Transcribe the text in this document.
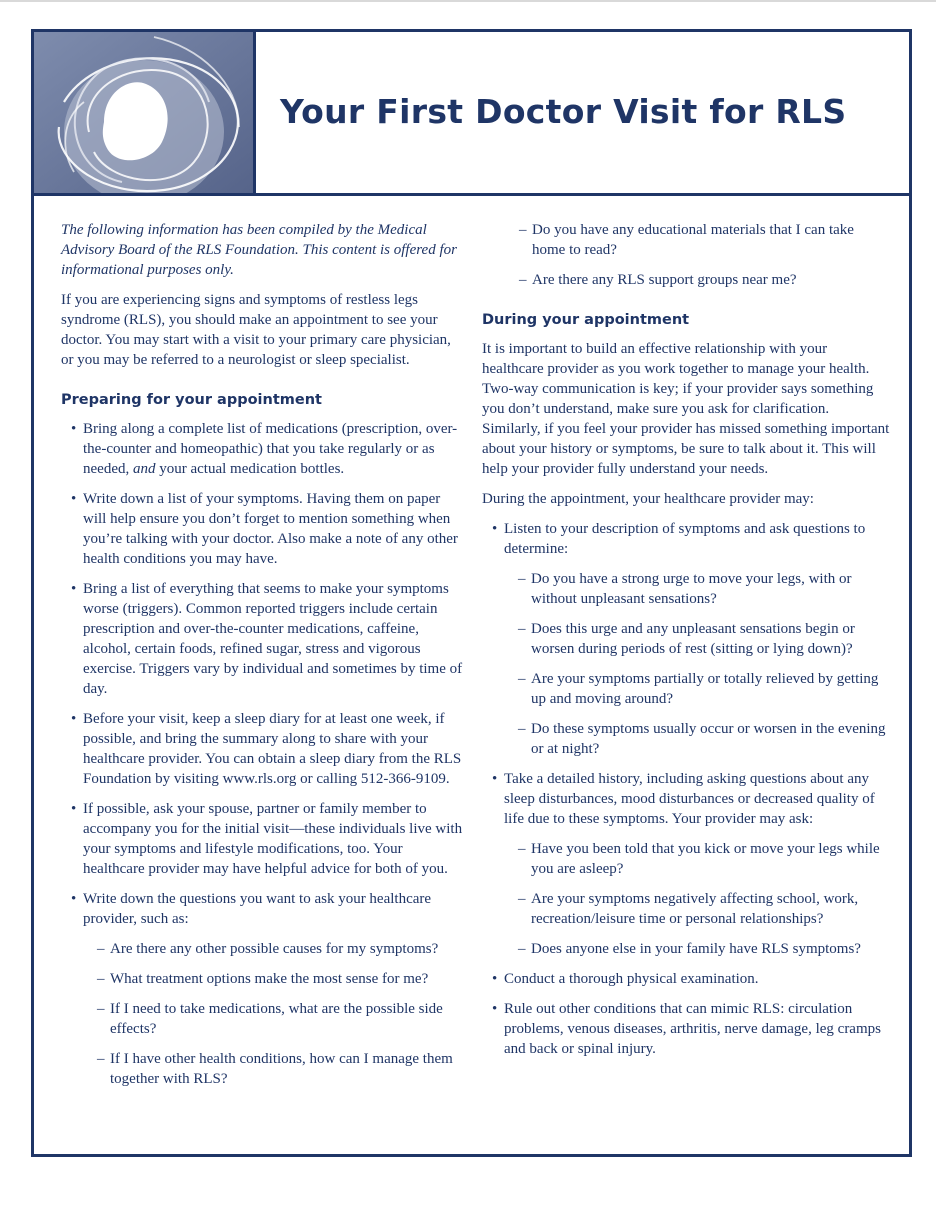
Your First Doctor Visit for RLS

The following information has been compiled by the Medical Advisory Board of the RLS Foundation. This content is offered for informational purposes only.

If you are experiencing signs and symptoms of restless legs syndrome (RLS), you should make an appointment to see your doctor. You may start with a visit to your primary care physician, or you may be referred to a neurologist or sleep specialist.

Preparing for your appointment
• Bring along a complete list of medications (prescription, over-the-counter and homeopathic) that you take regularly or as needed, and your actual medication bottles.
• Write down a list of your symptoms. Having them on paper will help ensure you don’t forget to mention something when you’re talking with your doctor. Also make a note of any other health conditions you may have.
• Bring a list of everything that seems to make your symptoms worse (triggers). Common reported triggers include certain prescription and over-the-counter medications, caffeine, alcohol, certain foods, refined sugar, stress and vigorous exercise. Triggers vary by individual and sometimes by time of day.
• Before your visit, keep a sleep diary for at least one week, if possible, and bring the summary along to share with your healthcare provider. You can obtain a sleep diary from the RLS Foundation by visiting www.rls.org or calling 512-366-9109.
• If possible, ask your spouse, partner or family member to accompany you for the initial visit—these individuals live with your symptoms and lifestyle modifications, too. Your healthcare provider may have helpful advice for both of you.
• Write down the questions you want to ask your healthcare provider, such as:
– Are there any other possible causes for my symptoms?
– What treatment options make the most sense for me?
– If I need to take medications, what are the possible side effects?
– If I have other health conditions, how can I manage them together with RLS?
– Do you have any educational materials that I can take home to read?
– Are there any RLS support groups near me?
During your appointment

It is important to build an effective relationship with your healthcare provider as you work together to manage your health. Two-way communication is key; if your provider says something you don’t understand, make sure you ask for clarification. Similarly, if you feel your provider has missed something important about your history or symptoms, be sure to talk about it. This will help your provider fully understand your needs.

During the appointment, your healthcare provider may:

• Listen to your description of symptoms and ask questions to determine:
– Do you have a strong urge to move your legs, with or without unpleasant sensations?
– Does this urge and any unpleasant sensations begin or worsen during periods of rest (sitting or lying down)?
– Are your symptoms partially or totally relieved by getting up and moving around?
– Do these symptoms usually occur or worsen in the evening or at night?
• Take a detailed history, including asking questions about any sleep disturbances, mood disturbances or decreased quality of life due to these symptoms. Your provider may ask:
– Have you been told that you kick or move your legs while you are asleep?
– Are your symptoms negatively affecting school, work, recreation/leisure time or personal relationships?
– Does anyone else in your family have RLS symptoms?
• Conduct a thorough physical examination.
• Rule out other conditions that can mimic RLS: circulation problems, venous diseases, arthritis, nerve damage, leg cramps and back or spinal injury.
